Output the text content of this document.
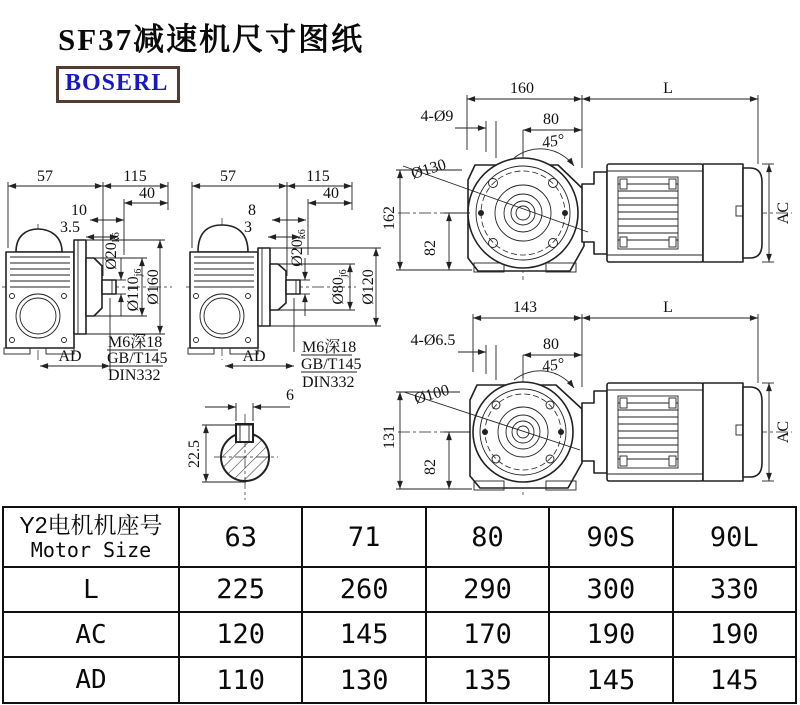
SF37减速机尺寸图纸
BOSERL
57	115
40
10
3.5
Ø20k6
Ø110j6 Ø160
AD
M6深18
GB/T145
DIN332
57	115
40
8
3
Ø20k6
Ø80j6 Ø120
AD
M6深18
GB/T145
DIN332
160	L
4-Ø9	80
45°
Ø130
162
82
AC
143	L
4-Ø6.5	80
45°
Ø100
131
82
AC
6
22.5
Y2电机机座号
Motor Size	63	71	80	90S	90L
L	225	260	290	300	330
AC	120	145	170	190	190
AD	110	130	135	145	145
